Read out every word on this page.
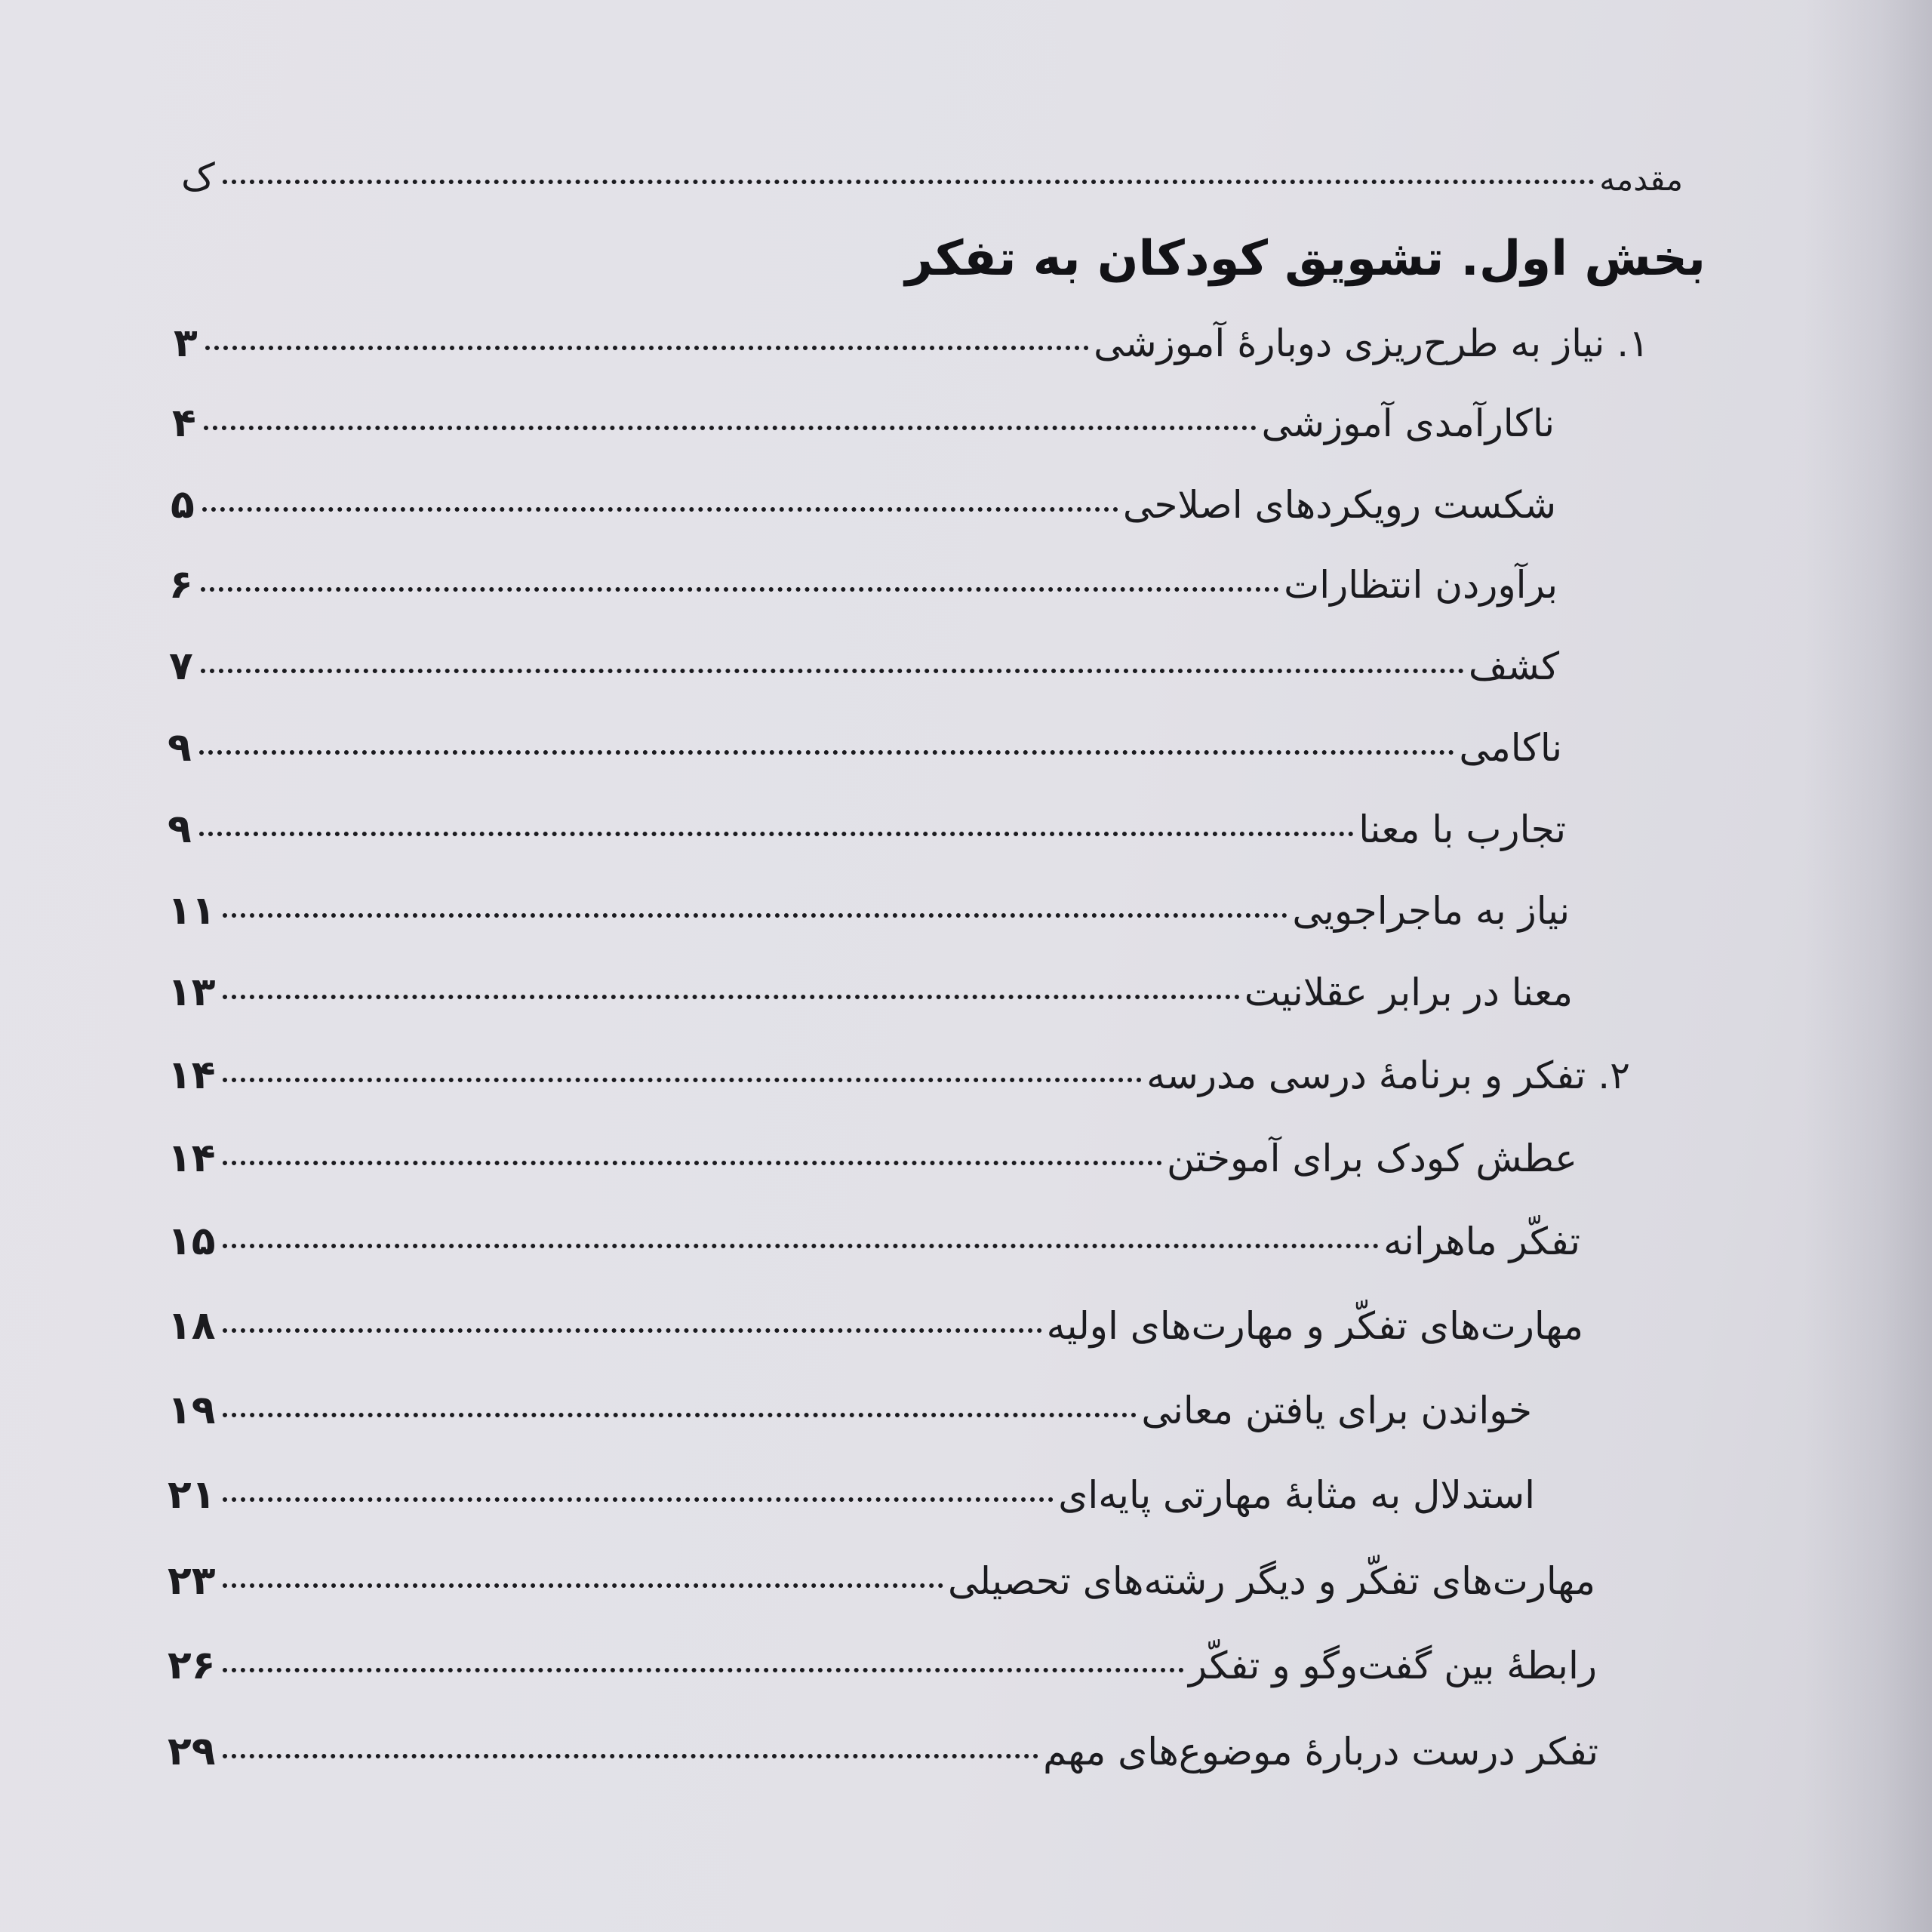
مقدمه
ک
بخش اول. تشویق کودکان به تفکر
۱. نیاز به طرح‌ریزی دوبارهٔ آموزشی
۳
ناکارآمدی آموزشی
۴
شکست رویکردهای اصلاحی
۵
برآوردن انتظارات
۶
کشف
۷
ناکامی
۹
تجارب با معنا
۹
نیاز به ماجراجویی
۱۱
معنا در برابر عقلانیت
۱۳
۲. تفکر و برنامهٔ درسی مدرسه
۱۴
عطش کودک برای آموختن
۱۴
تفکّر ماهرانه
۱۵
مهارت‌های تفکّر و مهارت‌های اولیه
۱۸
خواندن برای یافتن معانی
۱۹
استدلال به مثابهٔ مهارتی پایه‌ای
۲۱
مهارت‌های تفکّر و دیگر رشته‌های تحصیلی
۲۳
رابطهٔ بین گفت‌وگو و تفکّر
۲۶
تفکر درست دربارهٔ موضوع‌های مهم
۲۹
